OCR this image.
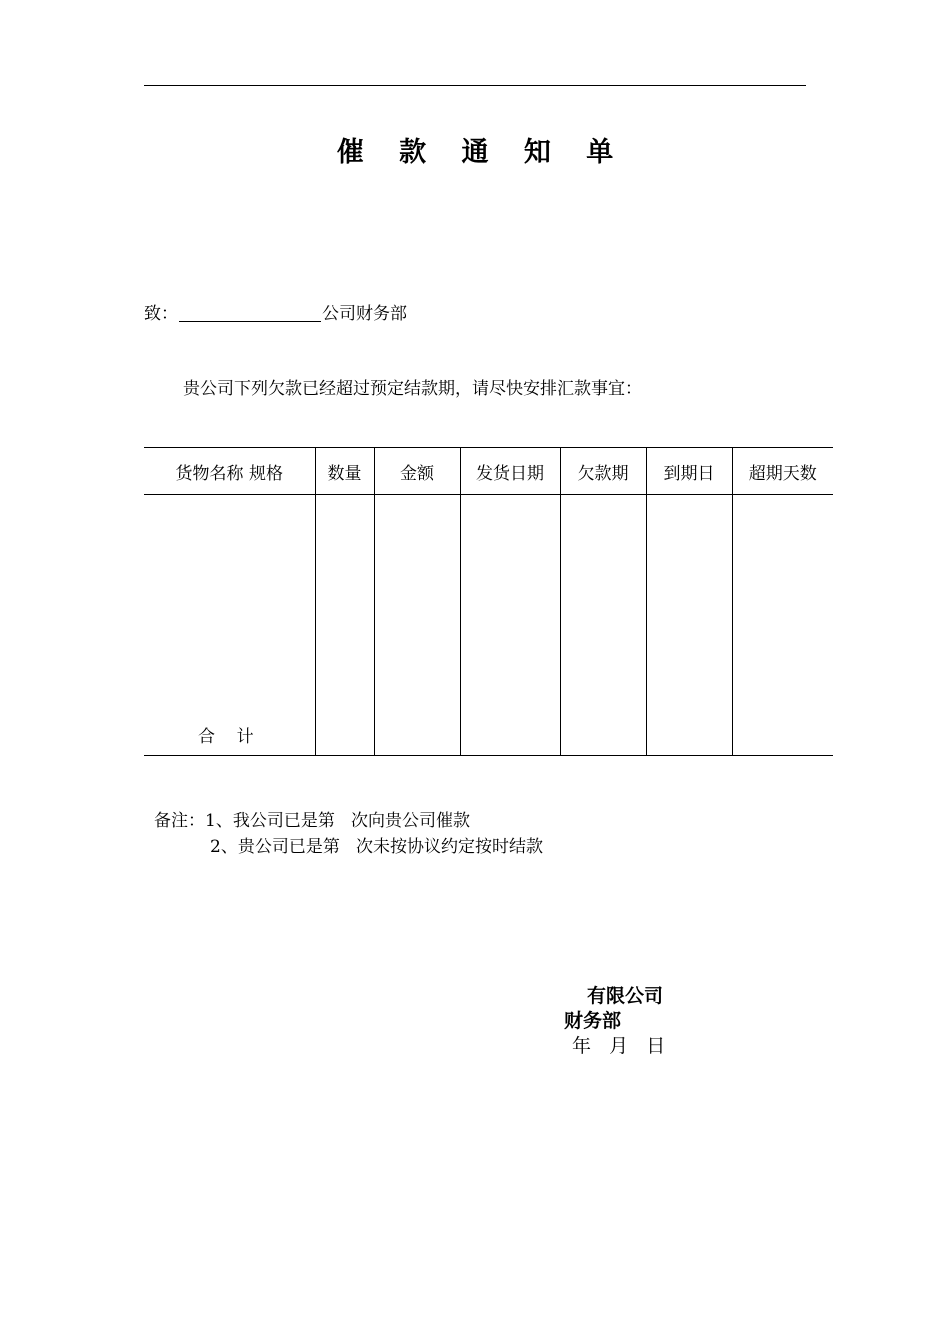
催 款 通 知 单
致：	公司财务部
贵公司下列欠款已经超过预定结款期，请尽快安排汇款事宜：
货物名称 规格	数量	金额	发货日期	欠款期	到期日	超期天数
合    计						
备注：1、我公司已是第   次向贵公司催款
2、贵公司已是第   次未按协议约定按时结款
有限公司
财务部
年   月   日
